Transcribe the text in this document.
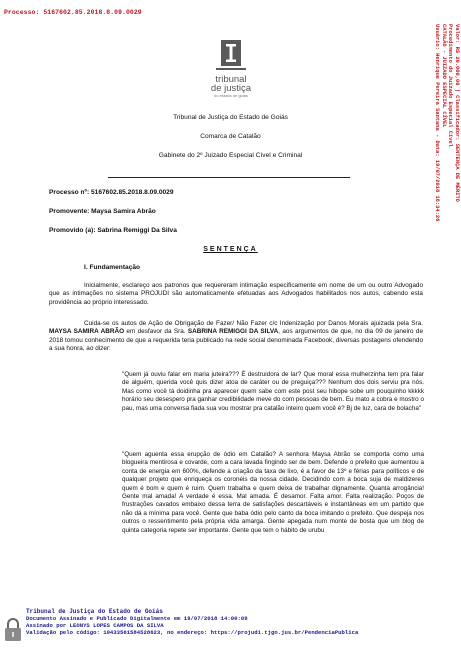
Processo: 5167602.85.2018.8.09.0029
Valor: R$ 20.000,00 | Classificador: SENTENÇA DE MÉRITO
Procedimento do Juizado Especial Cível
CATALÃO - JUIZADO ESPECIAL CÍVEL
Usuário: Henrique Pereira Santana - Data: 19/07/2018 16:34:26
tribunal
de justiça
do estado de goiás
Tribunal de Justiça do Estado de Goiás
Comarca de Catalão
Gabinete do 2º Juizado Especial Cível e Criminal
Processo nº: 5167602.85.2018.8.09.0029
Promovente: Maysa Samira Abrão
Promovido (a): Sabrina Remiggi Da Silva
SENTENÇA
I. Fundamentação
Inicialmente, esclareço aos patronos que requereram intimação especificamente em nome de um ou outro Advogado que as intimações no sistema PROJUDI são automaticamente efetuadas aos Advogados habilitados nos autos, cabendo esta providência ao próprio interessado.
Cuida-se os autos de Ação de Obrigação de Fazer/ Não Fazer c/c Indenização por Danos Morais ajuizada pela Sra. MAYSA SAMIRA ABRÃO em desfavor da Sra. SABRINA REMIGGI DA SILVA, aos argumentos de que, no dia 09 de janeiro de 2018 tomou conhecimento de que a requerida teria publicado na rede social denominada Facebook, diversas postagens ofendendo a sua honra, ao dizer:
"Quem já ouviu falar em maria juteira??? É destruidora de lar? Que moral essa mulherzinha tem pra falar de alguém, querida você quis dizer atoa de caráter ou de preguiça??? Nenhum dos dois serviu pra nós. Mas como você tá doidinha pra aparecer quem sabe com este post seu hibope sobe um pouquinho kkkkk horário seu desespero pra ganhar credibilidade meve do com pessoas de bem. Eu mato a cobra e mostro o pau, mas uma conversa fiada sua vou mostrar pra catalão inteiro quem você é? Bj de luz, cara de bolacha"
"Quem aguenta essa erupção de ódio em Catalão? A senhora Maysa Abrão se comporta como uma blogueira mentirosa e covarde, com a cara lavada fingindo ser de bem. Defende o prefeito que aumentou a conta de energia em 600%, defende a criação da taxa de lixo, é a favor de 13º e férias para políticos e de qualquer projeto que enriqueça os coronéis da nossa cidade. Decidindo com a boca suja de maldizeres quem é bom e quem é ruim. Quem trabalha e quem deixa de trabalhar dignamente. Quanta arrogância! Gente mal amada! A verdade é essa. Mal amada. É desamor. Falta amor. Falta realização. Poços de frustrações cavados embaixo dessa terra de satisfações descartáveis e instantâneas em um partido que não dá a mínima para você. Gente que baba ódio pelo canto da boca imitando o prefeito. Que despeja nos outros o ressentimento pela própria vida amarga. Gente apegada num monte de bosta que um blog de quinta categoria repete ser importante. Gente que tem o hábito de urubu
Tribunal de Justiça do Estado de Goiás
Documento Assinado e Publicado Digitalmente em 19/07/2018 14:00:09
Assinado por LEONYS LOPES CAMPOS DA SILVA
Validação pelo código: 10433561584528623, no endereço: https://projudi.tjgo.jus.br/PendenciaPublica
